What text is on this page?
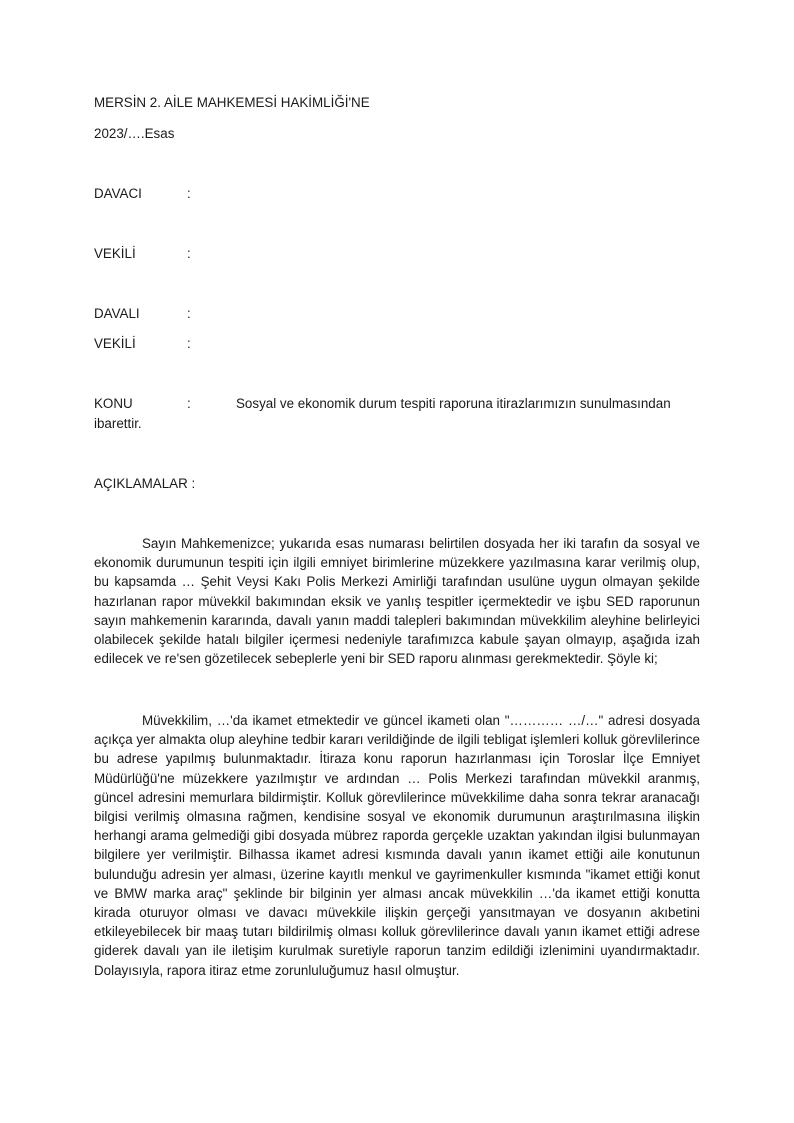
MERSİN 2. AİLE MAHKEMESİ HAKİMLİĞİ'NE
2023/….Esas
DAVACI	:
VEKİLİ	:
DAVALI	:
VEKİLİ	:
KONU	:	Sosyal ve ekonomik durum tespiti raporuna itirazlarımızın sunulmasından
ibarettir.
AÇIKLAMALAR :

Sayın Mahkemenizce; yukarıda esas numarası belirtilen dosyada her iki tarafın da sosyal ve ekonomik durumunun tespiti için ilgili emniyet birimlerine müzekkere yazılmasına karar verilmiş olup, bu kapsamda … Şehit Veysi Kakı Polis Merkezi Amirliği tarafından usulüne uygun olmayan şekilde hazırlanan rapor müvekkil bakımından eksik ve yanlış tespitler içermektedir ve işbu SED raporunun sayın mahkemenin kararında, davalı yanın maddi talepleri bakımından müvekkilim aleyhine belirleyici olabilecek şekilde hatalı bilgiler içermesi nedeniyle tarafımızca kabule şayan olmayıp, aşağıda izah edilecek ve re'sen gözetilecek sebeplerle yeni bir SED raporu alınması gerekmektedir. Şöyle ki;

Müvekkilim, …'da ikamet etmektedir ve güncel ikameti olan "………… …/…" adresi dosyada açıkça yer almakta olup aleyhine tedbir kararı verildiğinde de ilgili tebligat işlemleri kolluk görevlilerince bu adrese yapılmış bulunmaktadır. İtiraza konu raporun hazırlanması için Toroslar İlçe Emniyet Müdürlüğü'ne müzekkere yazılmıştır ve ardından … Polis Merkezi tarafından müvekkil aranmış, güncel adresini memurlara bildirmiştir. Kolluk görevlilerince müvekkilime daha sonra tekrar aranacağı bilgisi verilmiş olmasına rağmen, kendisine sosyal ve ekonomik durumunun araştırılmasına ilişkin herhangi arama gelmediği gibi dosyada mübrez raporda gerçekle uzaktan yakından ilgisi bulunmayan bilgilere yer verilmiştir. Bilhassa ikamet adresi kısmında davalı yanın ikamet ettiği aile konutunun bulunduğu adresin yer alması, üzerine kayıtlı menkul ve gayrimenkuller kısmında "ikamet ettiği konut ve BMW marka araç" şeklinde bir bilginin yer alması ancak müvekkilin …'da ikamet ettiği konutta kirada oturuyor olması ve davacı müvekkile ilişkin gerçeği yansıtmayan ve dosyanın akıbetini etkileyebilecek bir maaş tutarı bildirilmiş olması kolluk görevlilerince davalı yanın ikamet ettiği adrese giderek davalı yan ile iletişim kurulmak suretiyle raporun tanzim edildiği izlenimini uyandırmaktadır. Dolayısıyla, rapora itiraz etme zorunluluğumuz hasıl olmuştur.
